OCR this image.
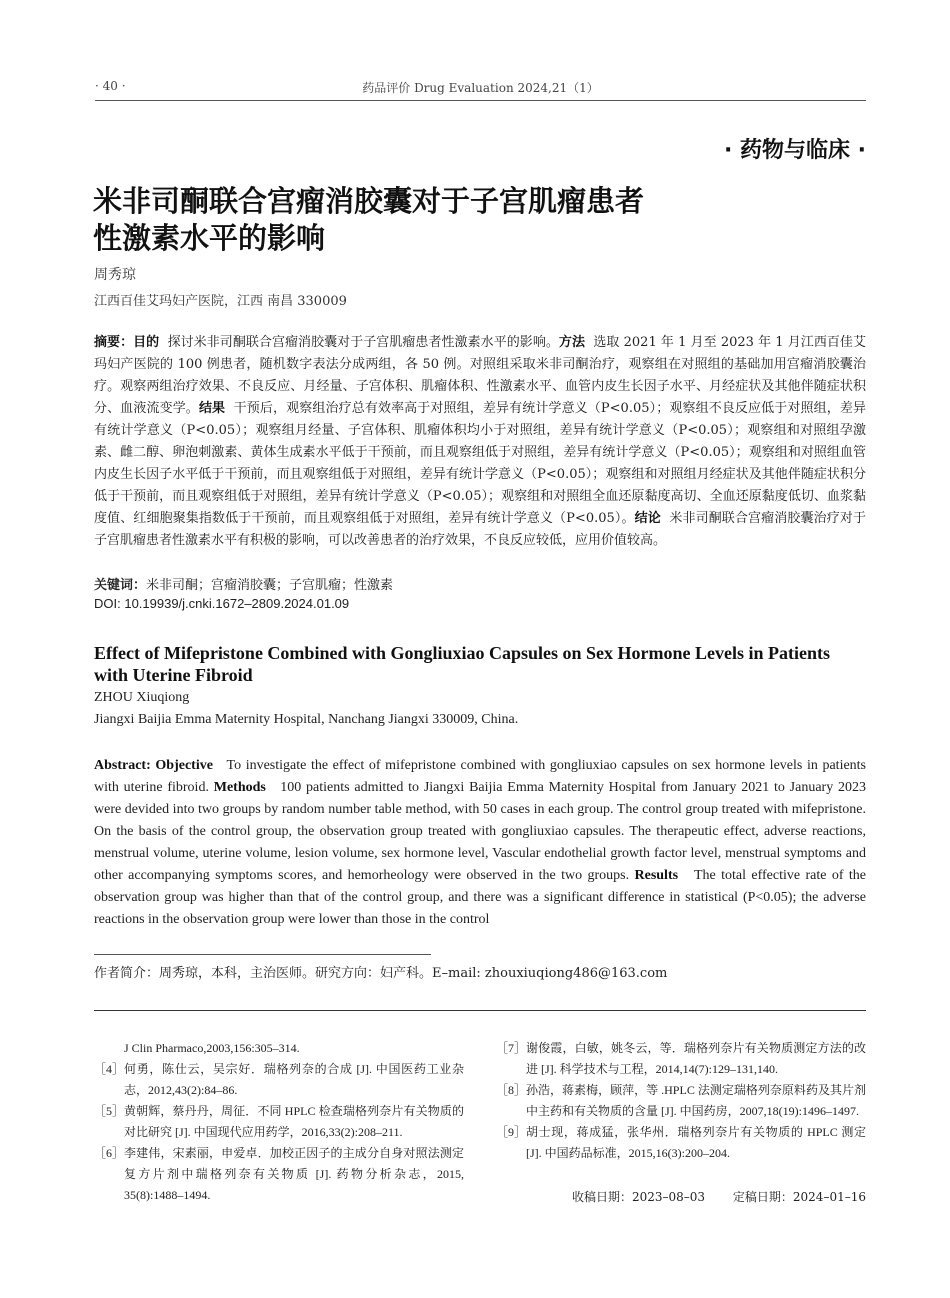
· 40 ·	药品评价 Drug Evaluation 2024,21（1）
· 药物与临床 ·
米非司酮联合宫瘤消胶囊对于子宫肌瘤患者
性激素水平的影响
周秀琼
江西百佳艾玛妇产医院，江西 南昌 330009
摘要：目的 探讨米非司酮联合宫瘤消胶囊对于子宫肌瘤患者性激素水平的影响。方法 选取 2021 年 1 月至 2023 年 1 月江西百佳艾玛妇产医院的 100 例患者，随机数字表法分成两组，各 50 例。对照组采取米非司酮治疗，观察组在对照组的基础加用宫瘤消胶囊治疗。观察两组治疗效果、不良反应、月经量、子宫体积、肌瘤体积、性激素水平、血管内皮生长因子水平、月经症状及其他伴随症状积分、血液流变学。结果 干预后，观察组治疗总有效率高于对照组，差异有统计学意义（P<0.05）；观察组不良反应低于对照组，差异有统计学意义（P<0.05）；观察组月经量、子宫体积、肌瘤体积均小于对照组，差异有统计学意义（P<0.05）；观察组和对照组孕激素、雌二醇、卵泡刺激素、黄体生成素水平低于干预前，而且观察组低于对照组，差异有统计学意义（P<0.05）；观察组和对照组血管内皮生长因子水平低于干预前，而且观察组低于对照组，差异有统计学意义（P<0.05）；观察组和对照组月经症状及其他伴随症状积分低于干预前，而且观察组低于对照组，差异有统计学意义（P<0.05）；观察组和对照组全血还原黏度高切、全血还原黏度低切、血浆黏度值、红细胞聚集指数低于干预前，而且观察组低于对照组，差异有统计学意义（P<0.05）。结论 米非司酮联合宫瘤消胶囊治疗对于子宫肌瘤患者性激素水平有积极的影响，可以改善患者的治疗效果，不良反应较低，应用价值较高。
关键词：米非司酮；宫瘤消胶囊；子宫肌瘤；性激素
DOI: 10.19939/j.cnki.1672–2809.2024.01.09
Effect of Mifepristone Combined with Gongliuxiao Capsules on Sex Hormone Levels in Patients with Uterine Fibroid
ZHOU Xiuqiong
Jiangxi Baijia Emma Maternity Hospital, Nanchang Jiangxi 330009, China.
Abstract: Objective To investigate the effect of mifepristone combined with gongliuxiao capsules on sex hormone levels in patients with uterine fibroid. Methods 100 patients admitted to Jiangxi Baijia Emma Maternity Hospital from January 2021 to January 2023 were devided into two groups by random number table method, with 50 cases in each group. The control group treated with mifepristone. On the basis of the control group, the observation group treated with gongliuxiao capsules. The therapeutic effect, adverse reactions, menstrual volume, uterine volume, lesion volume, sex hormone level, Vascular endothelial growth factor level, menstrual symptoms and other accompanying symptoms scores, and hemorheology were observed in the two groups. Results The total effective rate of the observation group was higher than that of the control group, and there was a significant difference in statistical (P<0.05); the adverse reactions in the observation group were lower than those in the control
作者简介：周秀琼，本科，主治医师。研究方向：妇产科。E–mail: zhouxiuqiong486@163.com
J Clin Pharmaco,2003,156:305–314.
［4］ 何勇，陈仕云，吴宗好．瑞格列奈的合成 [J]. 中国医药工业杂志，2012,43(2):84–86.
［5］ 黄朝辉，蔡丹丹，周征．不同 HPLC 检查瑞格列奈片有关物质的对比研究 [J]. 中国现代应用药学，2016,33(2):208–211.
［6］ 李建伟，宋素丽，申爱卓．加校正因子的主成分自身对照法测定复方片剂中瑞格列奈有关物质 [J]. 药物分析杂志，2015, 35(8):1488–1494.
［7］ 谢俊霞，白敏，姚冬云，等．瑞格列奈片有关物质测定方法的改进 [J]. 科学技术与工程，2014,14(7):129–131,140.
［8］ 孙浩，蒋素梅，顾萍，等 .HPLC 法测定瑞格列奈原料药及其片剂中主药和有关物质的含量 [J]. 中国药房，2007,18(19):1496–1497.
［9］ 胡士现，蒋成猛，张华州．瑞格列奈片有关物质的 HPLC 测定 [J]. 中国药品标准，2015,16(3):200–204.
收稿日期：2023–08–03 定稿日期：2024–01–16
